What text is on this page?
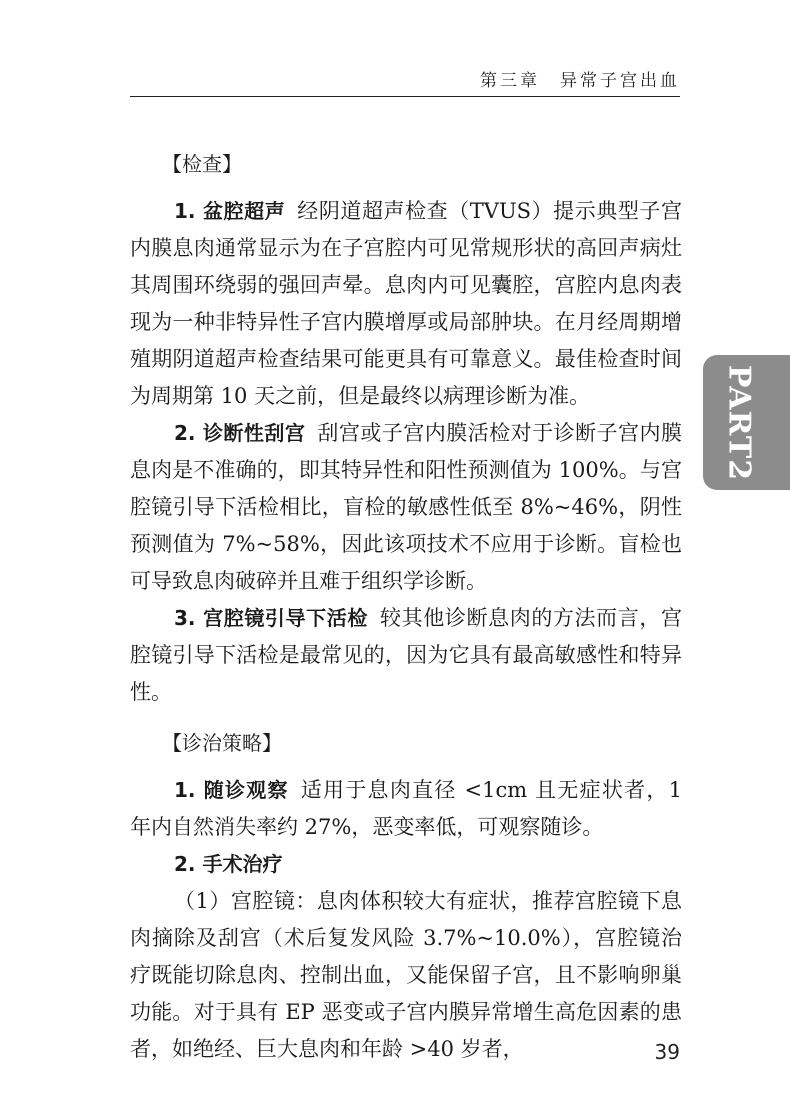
第三章　异常子宫出血
【检查】

1. 盆腔超声 经阴道超声检查（TVUS）提示典型子宫内膜息肉通常显示为在子宫腔内可见常规形状的高回声病灶其周围环绕弱的强回声晕。息肉内可见囊腔，宫腔内息肉表现为一种非特异性子宫内膜增厚或局部肿块。在月经周期增殖期阴道超声检查结果可能更具有可靠意义。最佳检查时间为周期第 10 天之前，但是最终以病理诊断为准。

2. 诊断性刮宫 刮宫或子宫内膜活检对于诊断子宫内膜息肉是不准确的，即其特异性和阳性预测值为 100%。与宫腔镜引导下活检相比，盲检的敏感性低至 8%~46%，阴性预测值为 7%~58%，因此该项技术不应用于诊断。盲检也可导致息肉破碎并且难于组织学诊断。

3. 宫腔镜引导下活检 较其他诊断息肉的方法而言，宫腔镜引导下活检是最常见的，因为它具有最高敏感性和特异性。

【诊治策略】

1. 随诊观察 适用于息肉直径 <1cm 且无症状者，1 年内自然消失率约 27%，恶变率低，可观察随诊。

2. 手术治疗

（1）宫腔镜：息肉体积较大有症状，推荐宫腔镜下息肉摘除及刮宫（术后复发风险 3.7%~10.0%），宫腔镜治疗既能切除息肉、控制出血，又能保留子宫，且不影响卵巢功能。对于具有 EP 恶变或子宫内膜异常增生高危因素的患者，如绝经、巨大息肉和年龄 >40 岁者，	39
PART2
